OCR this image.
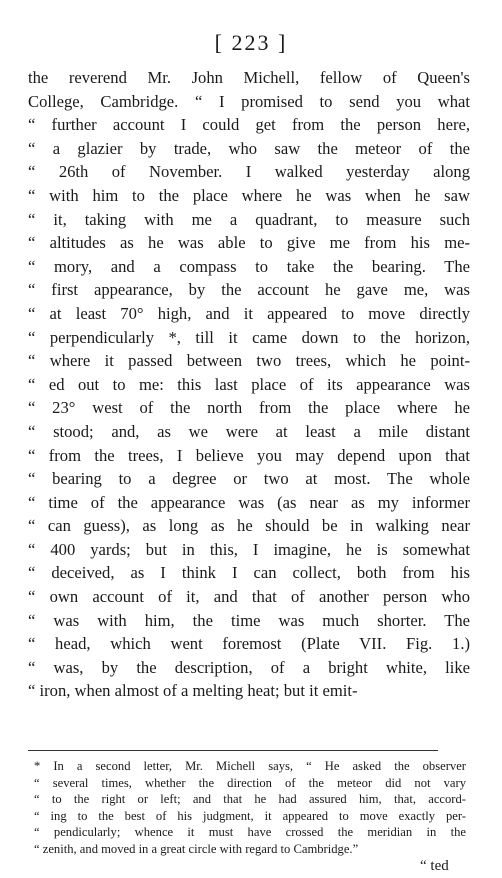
[ 223 ]
the reverend Mr. John Michell, fellow of Queen's
College, Cambridge. “ I promised to send you what
“ further account I could get from the person here,
“ a glazier by trade, who saw the meteor of the
“ 26th of November. I walked yesterday along
“ with him to the place where he was when he saw
“ it, taking with me a quadrant, to measure such
“ altitudes as he was able to give me from his me-
“ mory, and a compass to take the bearing. The
“ first appearance, by the account he gave me, was
“ at least 70° high, and it appeared to move directly
“ perpendicularly *, till it came down to the horizon,
“ where it passed between two trees, which he point-
“ ed out to me: this last place of its appearance was
“ 23° west of the north from the place where he
“ stood; and, as we were at least a mile distant
“ from the trees, I believe you may depend upon that
“ bearing to a degree or two at most. The whole
“ time of the appearance was (as near as my informer
“ can guess), as long as he should be in walking near
“ 400 yards; but in this, I imagine, he is somewhat
“ deceived, as I think I can collect, both from his
“ own account of it, and that of another person who
“ was with him, the time was much shorter. The
“ head, which went foremost (Plate VII. Fig. 1.)
“ was, by the description, of a bright white, like
“ iron, when almost of a melting heat; but it emit-
* In a second letter, Mr. Michell says, “ He asked the observer
“ several times, whether the direction of the meteor did not vary
“ to the right or left; and that he had assured him, that, accord-
“ ing to the best of his judgment, it appeared to move exactly per-
“ pendicularly; whence it must have crossed the meridian in the
“ zenith, and moved in a great circle with regard to Cambridge.”
“ ted
